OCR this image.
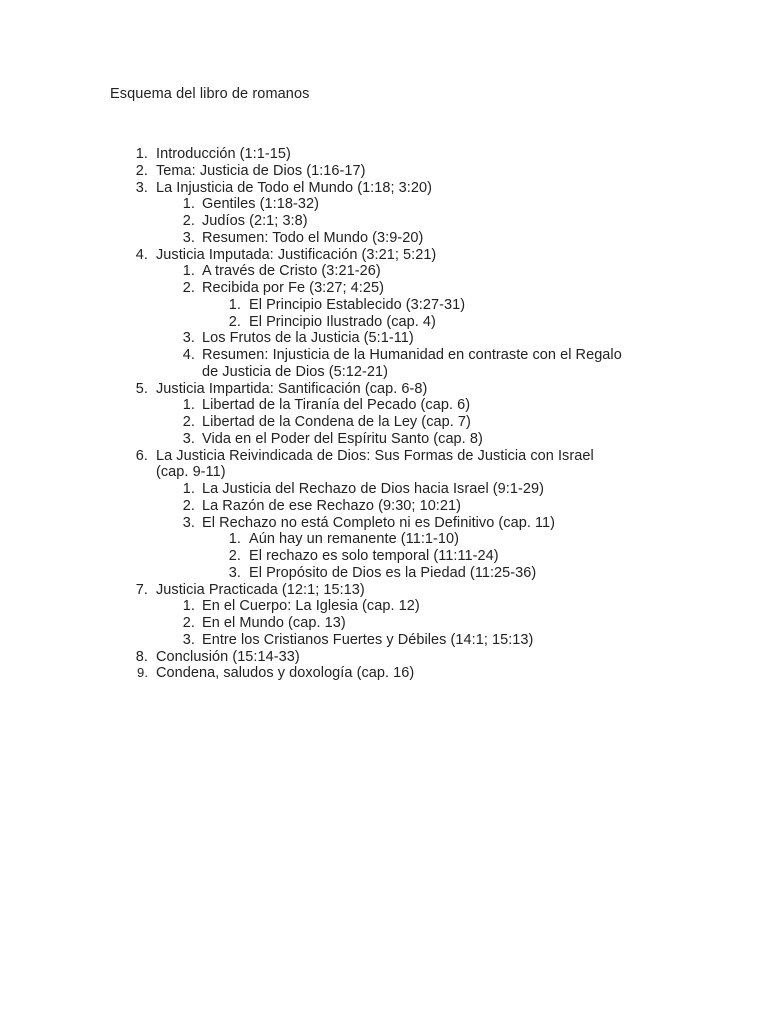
Esquema del libro de romanos
1. Introducción (1:1-15)
2. Tema: Justicia de Dios (1:16-17)
3. La Injusticia de Todo el Mundo (1:18; 3:20)
1. Gentiles (1:18-32)
2. Judíos (2:1; 3:8)
3. Resumen: Todo el Mundo (3:9-20)
4. Justicia Imputada: Justificación (3:21; 5:21)
1. A través de Cristo (3:21-26)
2. Recibida por Fe (3:27; 4:25)
1. El Principio Establecido (3:27-31)
2. El Principio Ilustrado (cap. 4)
3. Los Frutos de la Justicia (5:1-11)
4. Resumen: Injusticia de la Humanidad en contraste con el Regalo
de Justicia de Dios (5:12-21)
5. Justicia Impartida: Santificación (cap. 6-8)
1. Libertad de la Tiranía del Pecado (cap. 6)
2. Libertad de la Condena de la Ley (cap. 7)
3. Vida en el Poder del Espíritu Santo (cap. 8)
6. La Justicia Reivindicada de Dios: Sus Formas de Justicia con Israel
(cap. 9-11)
1. La Justicia del Rechazo de Dios hacia Israel (9:1-29)
2. La Razón de ese Rechazo (9:30; 10:21)
3. El Rechazo no está Completo ni es Definitivo (cap. 11)
1. Aún hay un remanente (11:1-10)
2. El rechazo es solo temporal (11:11-24)
3. El Propósito de Dios es la Piedad (11:25-36)
7. Justicia Practicada (12:1; 15:13)
1. En el Cuerpo: La Iglesia (cap. 12)
2. En el Mundo (cap. 13)
3. Entre los Cristianos Fuertes y Débiles (14:1; 15:13)
8. Conclusión (15:14-33)
9. Condena, saludos y doxología (cap. 16)
